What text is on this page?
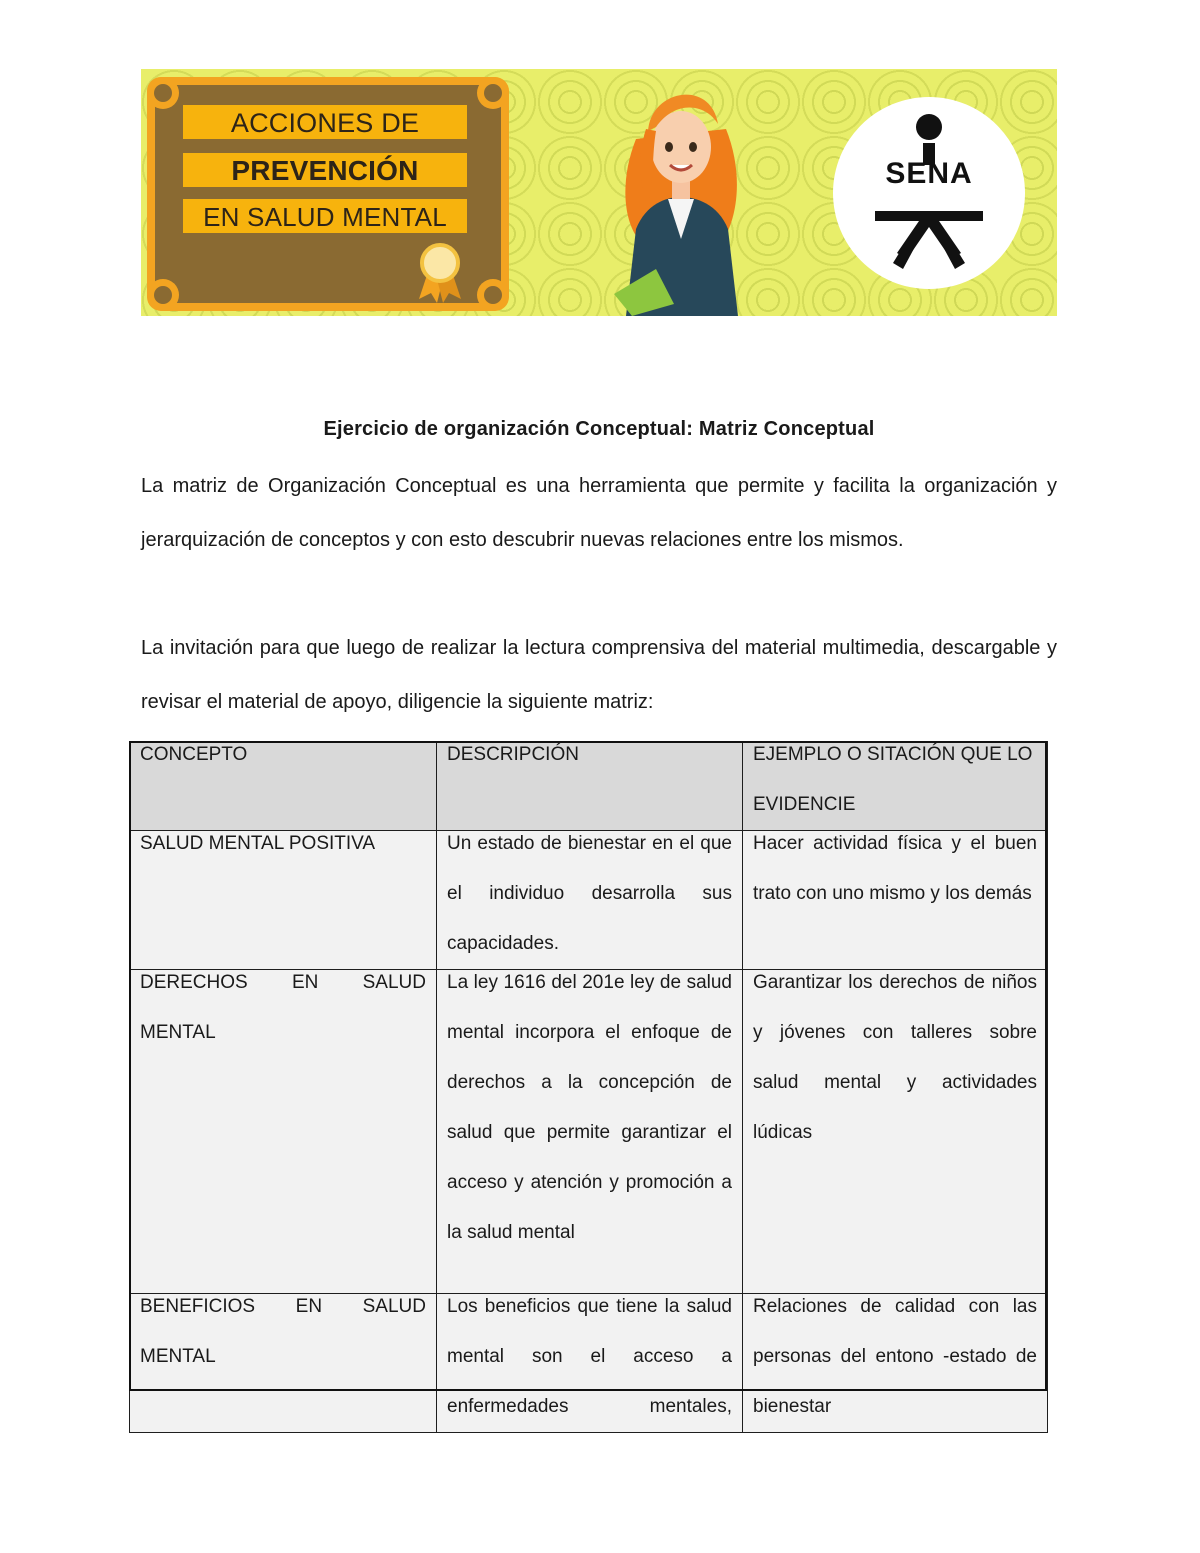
ACCIONES DE
PREVENCIÓN
EN SALUD MENTAL
SENA
Ejercicio de organización Conceptual: Matriz Conceptual

La matriz de Organización Conceptual es una herramienta que permite y facilita la organización y jerarquización de conceptos y con esto descubrir nuevas relaciones entre los mismos.

La invitación para que luego de realizar la lectura comprensiva del material multimedia, descargable y revisar el material de apoyo, diligencie la siguiente matriz:

CONCEPTO	DESCRIPCIÓN	EJEMPLO O SITACIÓN QUE LO EVIDENCIE

SALUD MENTAL POSITIVA	Un estado de bienestar en el que el individuo desarrolla sus capacidades.	Hacer actividad física y el buen trato con uno mismo y los demás

DERECHOS EN SALUD MENTAL	La ley 1616 del 201e ley de salud mental incorpora el enfoque de derechos a la concepción de salud que permite garantizar el acceso y atención y promoción a la salud mental	Garantizar los derechos de niños y jóvenes con talleres sobre salud mental y actividades lúdicas

BENEFICIOS EN SALUD MENTAL	Los beneficios que tiene la salud mental son el acceso a enfermedades mentales,	Relaciones de calidad con las personas del entono -estado de bienestar
